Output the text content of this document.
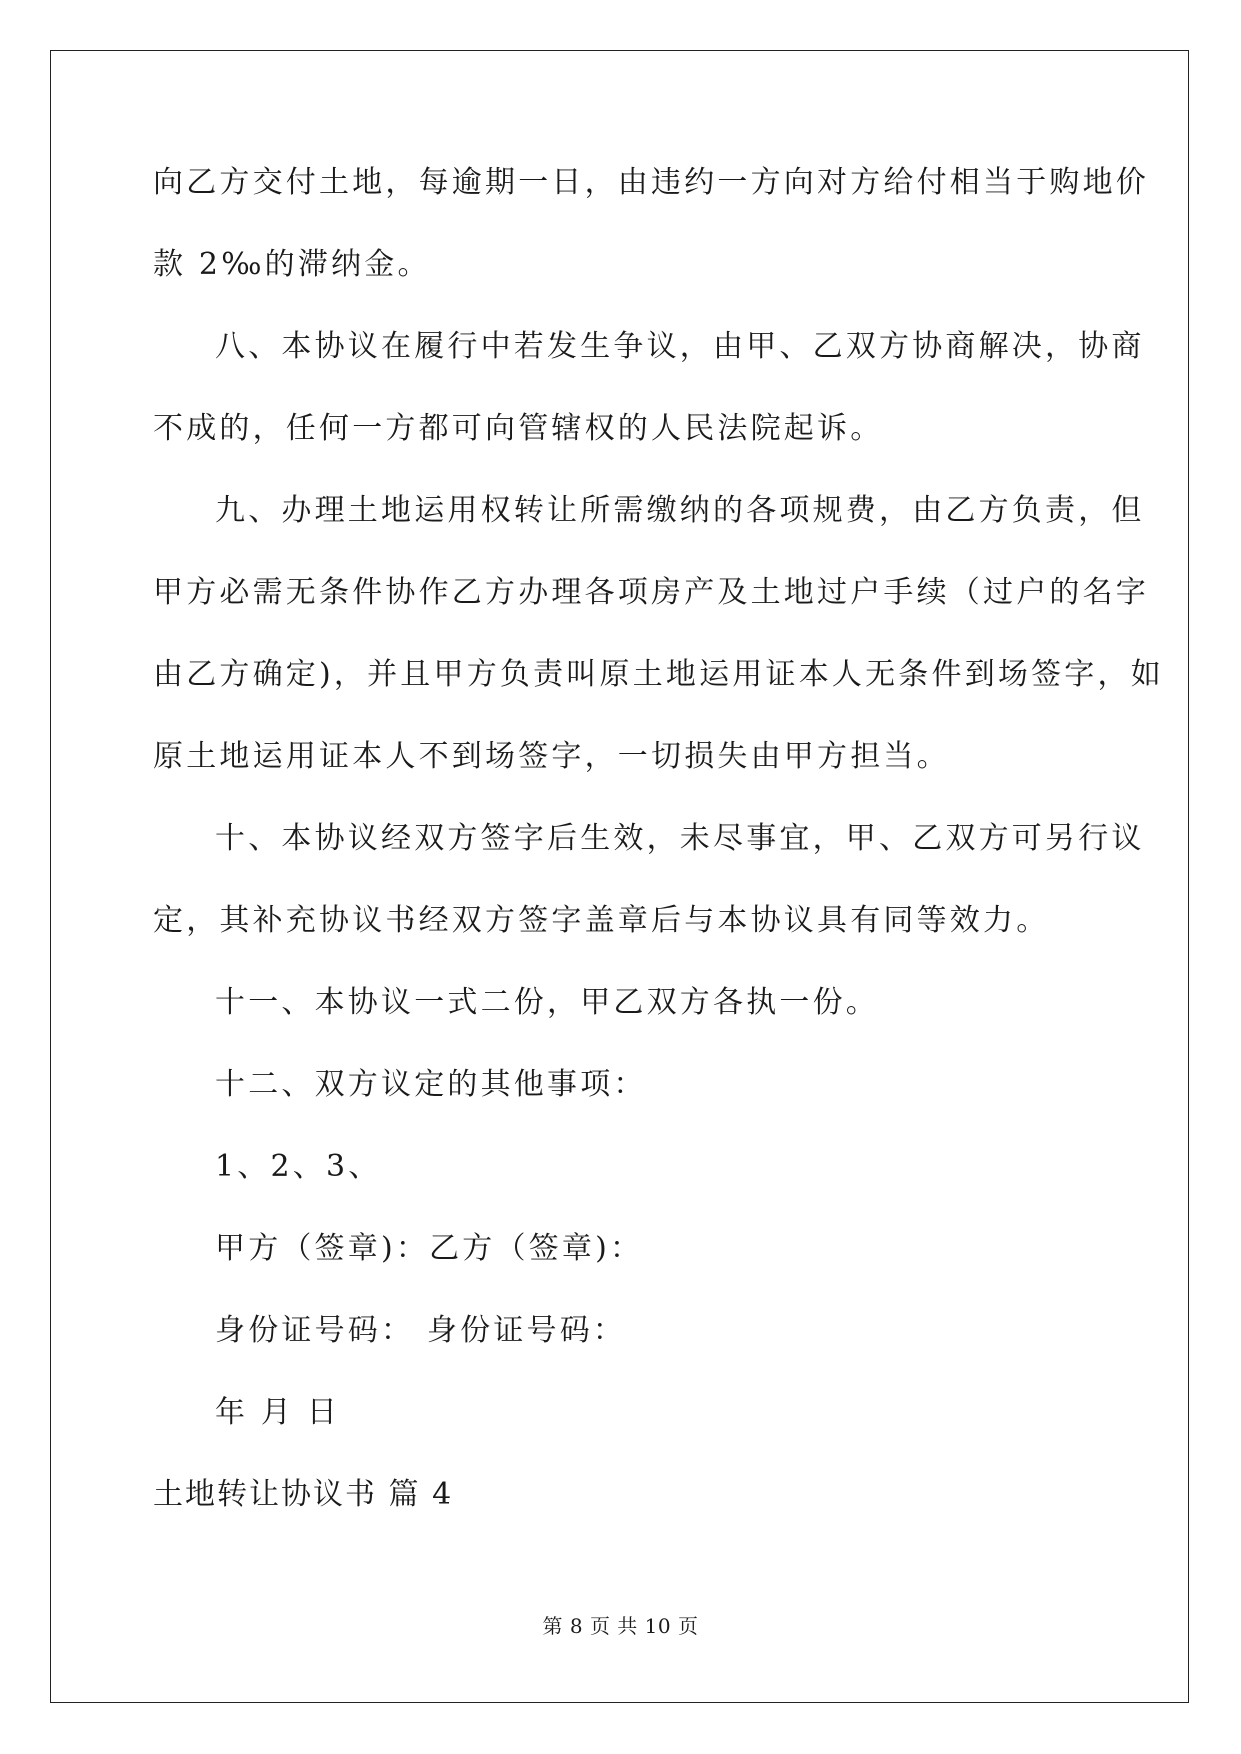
向乙方交付土地，每逾期一日，由违约一方向对方给付相当于购地价

款 2‰的滞纳金。

八、本协议在履行中若发生争议，由甲、乙双方协商解决，协商

不成的，任何一方都可向管辖权的人民法院起诉。

九、办理土地运用权转让所需缴纳的各项规费，由乙方负责，但

甲方必需无条件协作乙方办理各项房产及土地过户手续（过户的名字

由乙方确定)，并且甲方负责叫原土地运用证本人无条件到场签字，如

原土地运用证本人不到场签字，一切损失由甲方担当。

十、本协议经双方签字后生效，未尽事宜，甲、乙双方可另行议

定，其补充协议书经双方签字盖章后与本协议具有同等效力。

十一、本协议一式二份，甲乙双方各执一份。

十二、双方议定的其他事项：

1、2、3、

甲方（签章)：乙方（签章)：

身份证号码： 身份证号码：

年 月 日

土地转让协议书 篇 4

第 8 页 共 10 页
